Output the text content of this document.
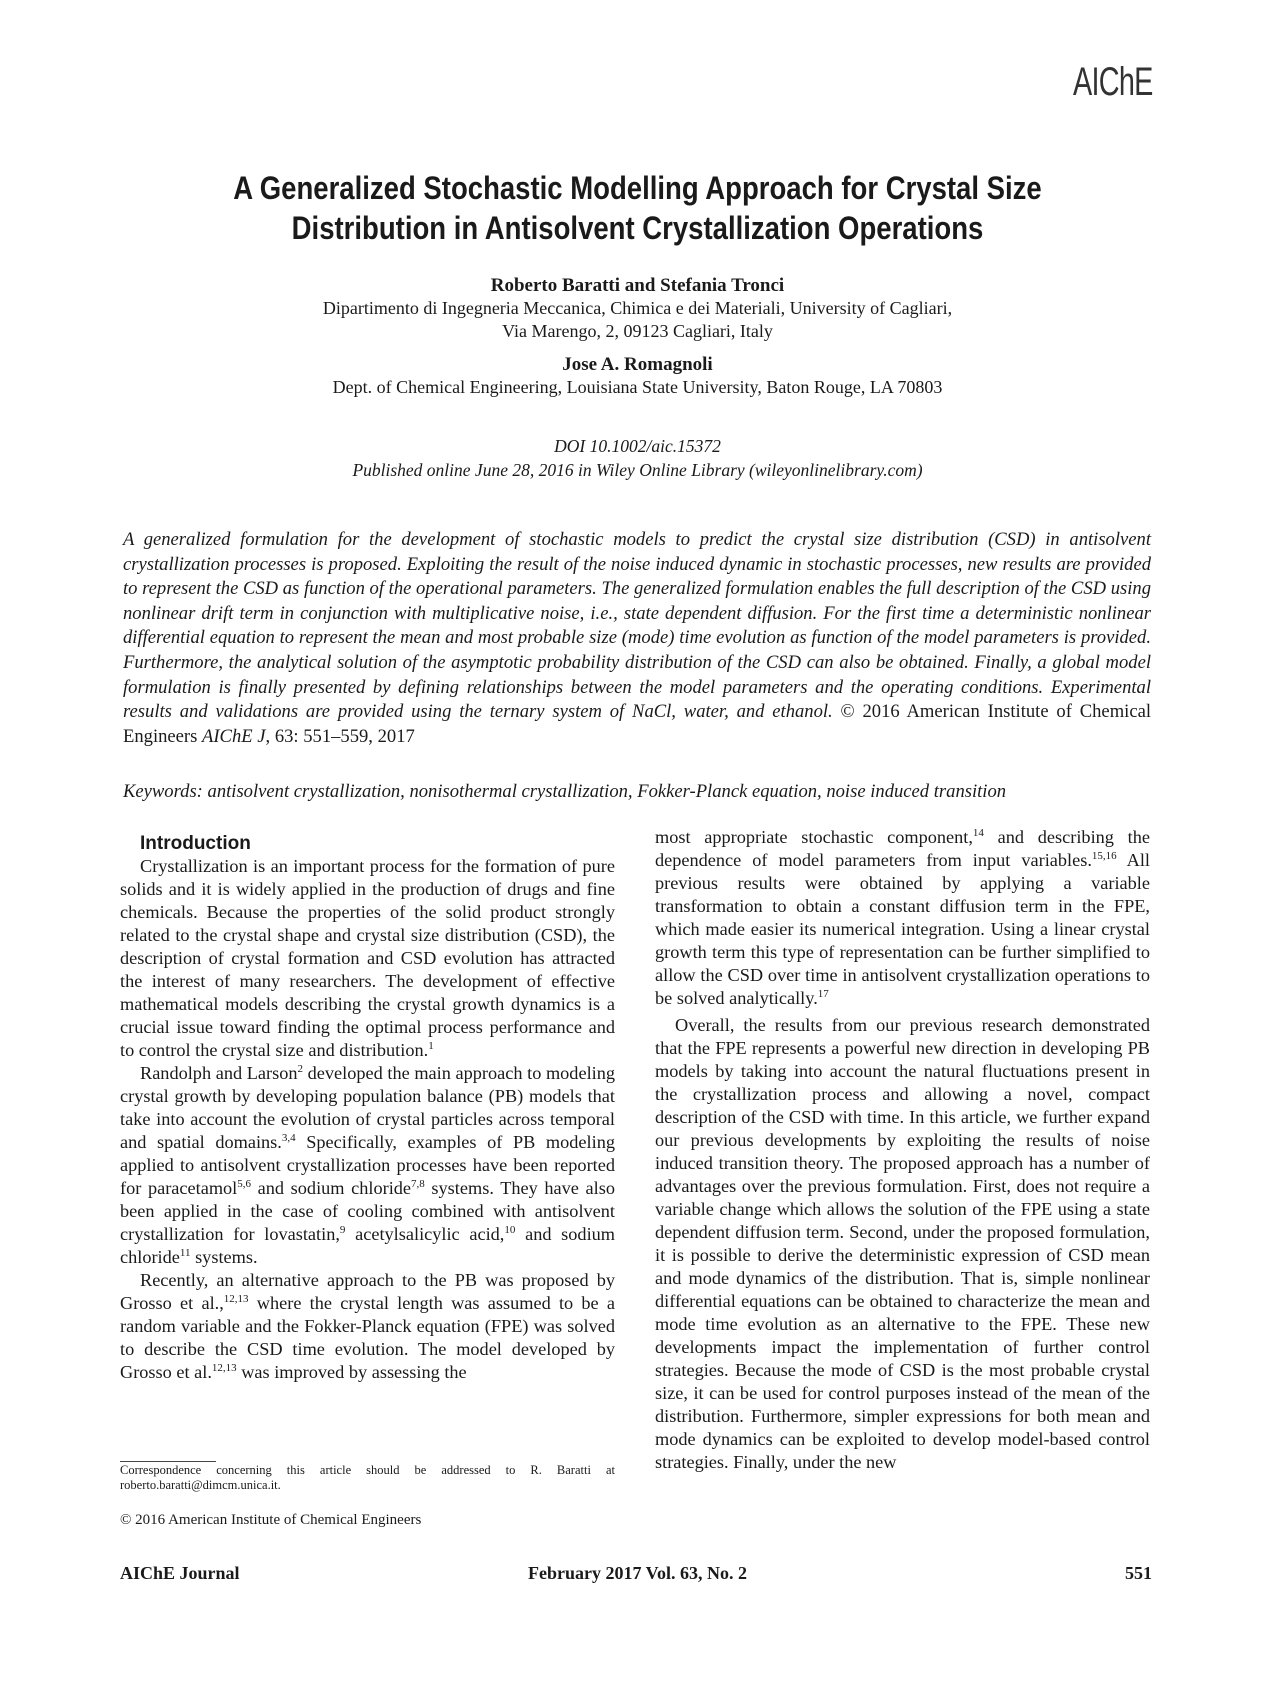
AIChE
A Generalized Stochastic Modelling Approach for Crystal Size
Distribution in Antisolvent Crystallization Operations
Roberto Baratti and Stefania Tronci
Dipartimento di Ingegneria Meccanica, Chimica e dei Materiali, University of Cagliari,
Via Marengo, 2, 09123 Cagliari, Italy
Jose A. Romagnoli
Dept. of Chemical Engineering, Louisiana State University, Baton Rouge, LA 70803
DOI 10.1002/aic.15372
Published online June 28, 2016 in Wiley Online Library (wileyonlinelibrary.com)
A generalized formulation for the development of stochastic models to predict the crystal size distribution (CSD) in antisolvent crystallization processes is proposed. Exploiting the result of the noise induced dynamic in stochastic processes, new results are provided to represent the CSD as function of the operational parameters. The generalized formulation enables the full description of the CSD using nonlinear drift term in conjunction with multiplicative noise, i.e., state dependent diffusion. For the first time a deterministic nonlinear differential equation to represent the mean and most probable size (mode) time evolution as function of the model parameters is provided. Furthermore, the analytical solution of the asymptotic probability distribution of the CSD can also be obtained. Finally, a global model formulation is finally presented by defining relationships between the model parameters and the operating conditions. Experimental results and validations are provided using the ternary system of NaCl, water, and ethanol. © 2016 American Institute of Chemical Engineers AIChE J, 63: 551–559, 2017
Keywords: antisolvent crystallization, nonisothermal crystallization, Fokker-Planck equation, noise induced transition

Introduction

Crystallization is an important process for the formation of pure solids and it is widely applied in the production of drugs and fine chemicals. Because the properties of the solid product strongly related to the crystal shape and crystal size distribution (CSD), the description of crystal formation and CSD evolution has attracted the interest of many researchers. The development of effective mathematical models describing the crystal growth dynamics is a crucial issue toward finding the optimal process performance and to control the crystal size and distribution.$^1$

Randolph and Larson$^2$ developed the main approach to modeling crystal growth by developing population balance (PB) models that take into account the evolution of crystal particles across temporal and spatial domains.$^{3,4}$ Specifically, examples of PB modeling applied to antisolvent crystallization processes have been reported for paracetamol$^{5,6}$ and sodium chloride$^{7,8}$ systems. They have also been applied in the case of cooling combined with antisolvent crystallization for lovastatin,$^9$ acetylsalicylic acid,$^{10}$ and sodium chloride$^{11}$ systems.

Recently, an alternative approach to the PB was proposed by Grosso et al.,$^{12,13}$ where the crystal length was assumed to be a random variable and the Fokker-Planck equation (FPE) was solved to describe the CSD time evolution. The model developed by Grosso et al.$^{12,13}$ was improved by assessing the

most appropriate stochastic component,$^{14}$ and describing the dependence of model parameters from input variables.$^{15,16}$ All previous results were obtained by applying a variable transformation to obtain a constant diffusion term in the FPE, which made easier its numerical integration. Using a linear crystal growth term this type of representation can be further simplified to allow the CSD over time in antisolvent crystallization operations to be solved analytically.$^{17}$

Overall, the results from our previous research demonstrated that the FPE represents a powerful new direction in developing PB models by taking into account the natural fluctuations present in the crystallization process and allowing a novel, compact description of the CSD with time. In this article, we further expand our previous developments by exploiting the results of noise induced transition theory. The proposed approach has a number of advantages over the previous formulation. First, does not require a variable change which allows the solution of the FPE using a state dependent diffusion term. Second, under the proposed formulation, it is possible to derive the deterministic expression of CSD mean and mode dynamics of the distribution. That is, simple nonlinear differential equations can be obtained to characterize the mean and mode time evolution as an alternative to the FPE. These new developments impact the implementation of further control strategies. Because the mode of CSD is the most probable crystal size, it can be used for control purposes instead of the mean of the distribution. Furthermore, simpler expressions for both mean and mode dynamics can be exploited to develop model-based control strategies. Finally, under the new

Correspondence concerning this article should be addressed to R. Baratti at roberto.baratti@dimcm.unica.it.
© 2016 American Institute of Chemical Engineers
AIChE Journal	February 2017 Vol. 63, No. 2	551
